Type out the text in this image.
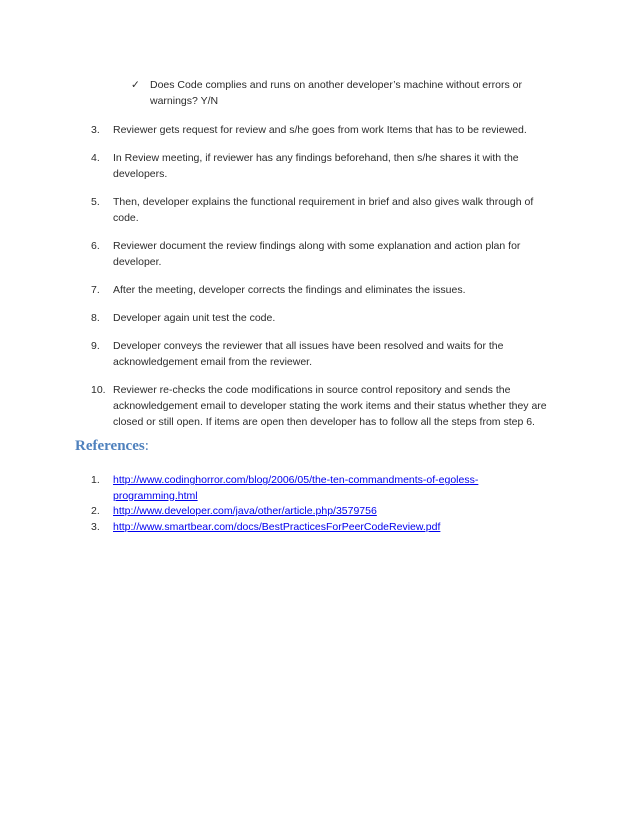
✓ Does Code complies and runs on another developer’s machine without errors or warnings? Y/N
3.	Reviewer gets request for review and s/he goes from work Items that has to be reviewed.
4.	In Review meeting, if reviewer has any findings beforehand, then s/he shares it with the developers.
5.	Then, developer explains the functional requirement in brief and also gives walk through of code.
6.	Reviewer document the review findings along with some explanation and action plan for developer.
7.	After the meeting, developer corrects the findings and eliminates the issues.
8.	Developer again unit test the code.
9.	Developer conveys the reviewer that all issues have been resolved and waits for the acknowledgement email from the reviewer.
10. Reviewer re-checks the code modifications in source control repository and sends the acknowledgement email to developer stating the work items and their status whether they are closed or still open. If items are open then developer has to follow all the steps from step 6.
References:
1.	http://www.codinghorror.com/blog/2006/05/the-ten-commandments-of-egoless-programming.html
2.	http://www.developer.com/java/other/article.php/3579756
3.	http://www.smartbear.com/docs/BestPracticesForPeerCodeReview.pdf
